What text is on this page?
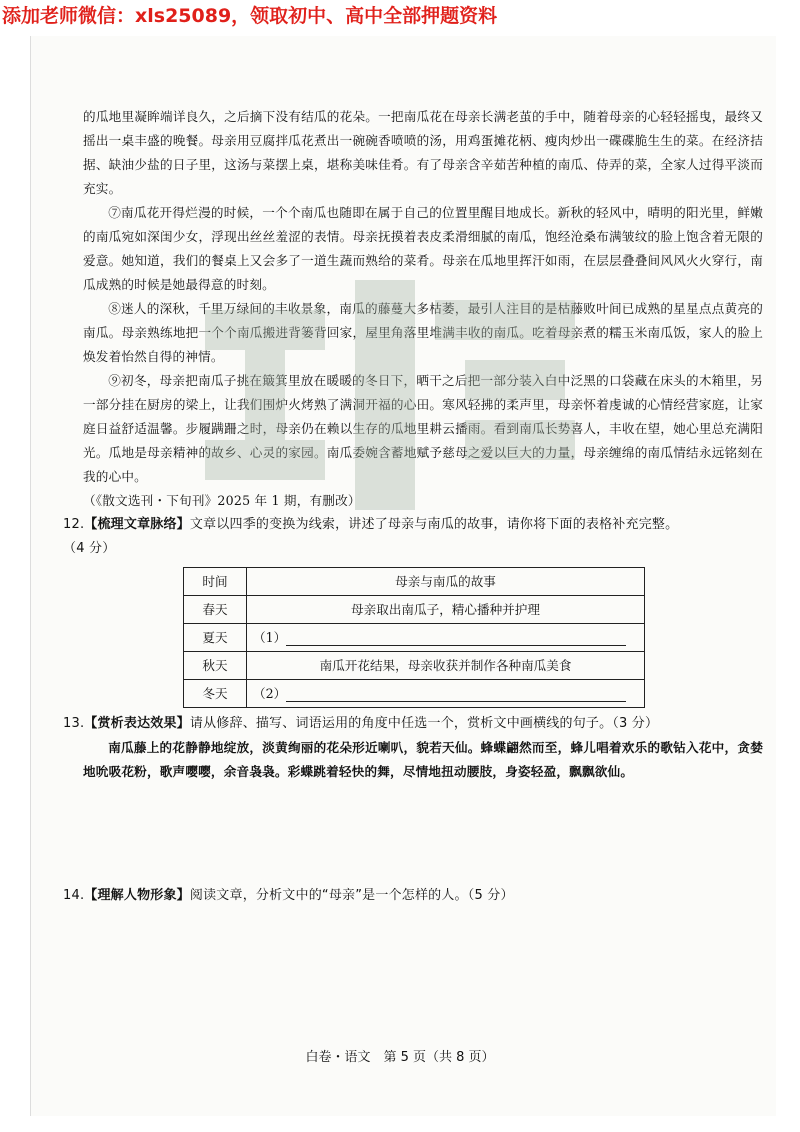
添加老师微信：xls25089，领取初中、高中全部押题资料

的瓜地里凝眸端详良久，之后摘下没有结瓜的花朵。一把南瓜花在母亲长满老茧的手中，随着母亲的心轻轻摇曳，最终又摇出一桌丰盛的晚餐。母亲用豆腐拌瓜花煮出一碗碗香喷喷的汤，用鸡蛋摊花柄、瘦肉炒出一碟碟脆生生的菜。在经济拮据、缺油少盐的日子里，这汤与菜摆上桌，堪称美味佳肴。有了母亲含辛茹苦种植的南瓜、侍弄的菜，全家人过得平淡而充实。

⑦南瓜花开得烂漫的时候，一个个南瓜也随即在属于自己的位置里醒目地成长。新秋的轻风中，晴明的阳光里，鲜嫩的南瓜宛如深闺少女，浮现出丝丝羞涩的表情。母亲抚摸着表皮柔滑细腻的南瓜，饱经沧桑布满皱纹的脸上饱含着无限的爱意。她知道，我们的餐桌上又会多了一道生蔬而熟给的菜肴。母亲在瓜地里挥汗如雨，在层层叠叠间风风火火穿行，南瓜成熟的时候是她最得意的时刻。

⑧迷人的深秋，千里万绿间的丰收景象，南瓜的藤蔓大多枯萎，最引人注目的是枯藤败叶间已成熟的星星点点黄亮的南瓜。母亲熟练地把一个个南瓜搬进背篓背回家，屋里角落里堆满丰收的南瓜。吃着母亲煮的糯玉米南瓜饭，家人的脸上焕发着怡然自得的神情。

⑨初冬，母亲把南瓜子挑在簸箕里放在暖暖的冬日下，晒干之后把一部分装入白中泛黑的口袋藏在床头的木箱里，另一部分挂在厨房的梁上，让我们围炉火烤熟了满洞开福的心田。寒风轻拂的柔声里，母亲怀着虔诚的心情经营家庭，让家庭日益舒适温馨。步履蹒跚之时，母亲仍在赖以生存的瓜地里耕云播雨。看到南瓜长势喜人，丰收在望，她心里总充满阳光。瓜地是母亲精神的故乡、心灵的家园。南瓜委婉含蓄地赋予慈母之爱以巨大的力量，母亲缠绵的南瓜情结永远铭刻在我的心中。

（《散文选刊・下旬刊》2025 年 1 期，有删改）

12.【梳理文章脉络】文章以四季的变换为线索，讲述了母亲与南瓜的故事，请你将下面的表格补充完整。
（4 分）

时间	母亲与南瓜的故事
春天	母亲取出南瓜子，精心播种并护理
夏天	（1）
秋天	南瓜开花结果，母亲收获并制作各种南瓜美食
冬天	（2）

13.【赏析表达效果】请从修辞、描写、词语运用的角度中任选一个，赏析文中画横线的句子。（3 分）

南瓜藤上的花静静地绽放，淡黄绚丽的花朵形近喇叭，貌若天仙。蜂蝶翩然而至，蜂儿唱着欢乐的歌钻入花中，贪婪地吮吸花粉，歌声嘤嘤，余音袅袅。彩蝶跳着轻快的舞，尽情地扭动腰肢，身姿轻盈，飘飘欲仙。

14.【理解人物形象】阅读文章，分析文中的“母亲”是一个怎样的人。（5 分）

白卷・语文　第 5 页（共 8 页）
